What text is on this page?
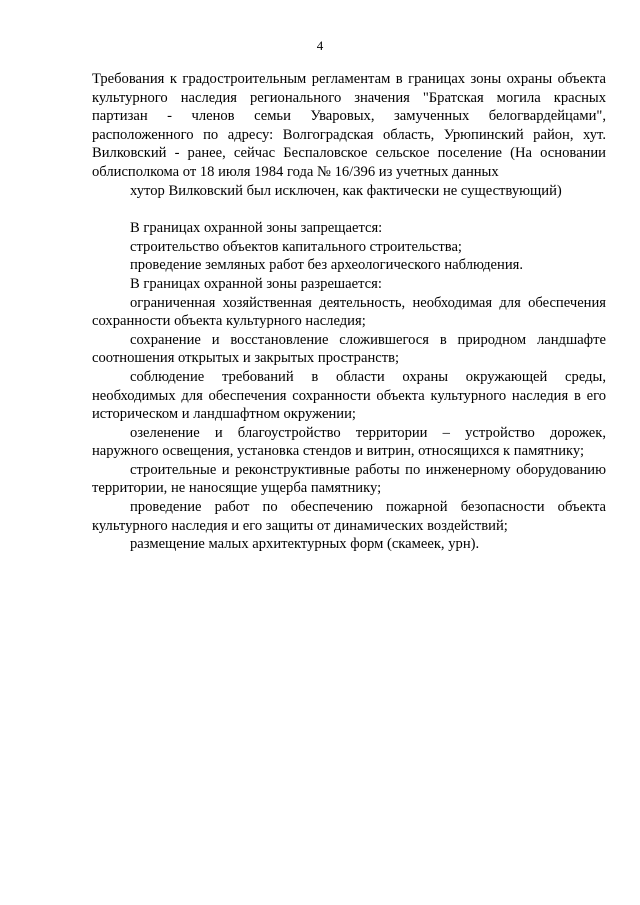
4

Требования к градостроительным регламентам в границах зоны охраны объекта культурного наследия регионального значения "Братская могила красных партизан - членов семьи Уваровых, замученных белогвардейцами", расположенного по адресу: Волгоградская область, Урюпинский район, хут. Вилковский - ранее, сейчас Беспаловское сельское поселение (На основании облисполкома от 18 июля 1984 года № 16/396 из учетных данных

хутор Вилковский был исключен, как фактически не существующий)

В границах охранной зоны запрещается:

строительство объектов капитального строительства;

проведение земляных работ без археологического наблюдения.

В границах охранной зоны разрешается:

ограниченная хозяйственная деятельность, необходимая для обеспечения сохранности объекта культурного наследия;

сохранение и восстановление сложившегося в природном ландшафте соотношения открытых и закрытых пространств;

соблюдение требований в области охраны окружающей среды, необходимых для обеспечения сохранности объекта культурного наследия в его историческом и ландшафтном окружении;

озеленение и благоустройство территории – устройство дорожек, наружного освещения, установка стендов и витрин, относящихся к памятнику;

строительные и реконструктивные работы по инженерному оборудованию территории, не наносящие ущерба памятнику;

проведение работ по обеспечению пожарной безопасности объекта культурного наследия и его защиты от динамических воздействий;

размещение малых архитектурных форм (скамеек, урн).
